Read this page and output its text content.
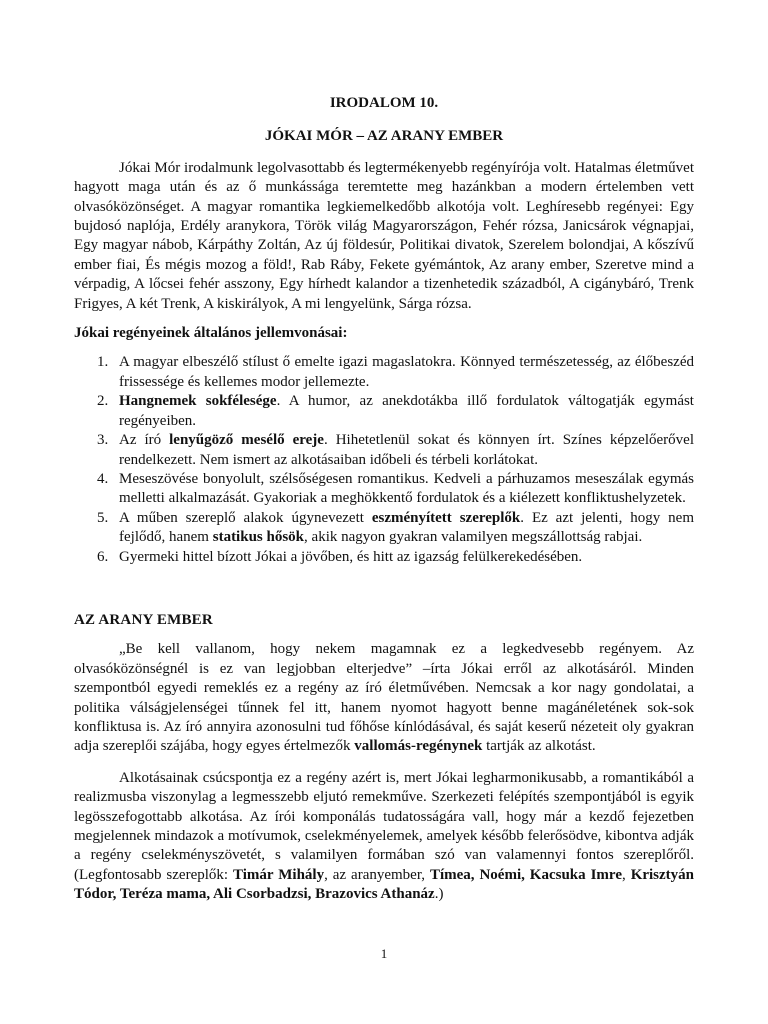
IRODALOM 10.
JÓKAI MÓR – AZ ARANY EMBER

Jókai Mór irodalmunk legolvasottabb és legtermékenyebb regényírója volt. Hatalmas életművet hagyott maga után és az ő munkássága teremtette meg hazánkban a modern értelemben vett olvasóközönséget. A magyar romantika legkiemelkedőbb alkotója volt. Leghíresebb regényei: Egy bujdosó naplója, Erdély aranykora, Török világ Magyarországon, Fehér rózsa, Janicsárok végnapjai, Egy magyar nábob, Kárpáthy Zoltán, Az új földesúr, Politikai divatok, Szerelem bolondjai, A kőszívű ember fiai, És mégis mozog a föld!, Rab Ráby, Fekete gyémántok, Az arany ember, Szeretve mind a vérpadig, A lőcsei fehér asszony, Egy hírhedt kalandor a tizenhetedik századból, A cigánybáró, Trenk Frigyes, A két Trenk, A kiskirályok, A mi lengyelünk, Sárga rózsa.

Jókai regényeinek általános jellemvonásai:
1. A magyar elbeszélő stílust ő emelte igazi magaslatokra. Könnyed természetesség, az élőbeszéd frissessége és kellemes modor jellemezte.
2. Hangnemek sokfélesége. A humor, az anekdotákba illő fordulatok váltogatják egymást regényeiben.
3. Az író lenyűgöző mesélő ereje. Hihetetlenül sokat és könnyen írt. Színes képzelőerővel rendelkezett. Nem ismert az alkotásaiban időbeli és térbeli korlátokat.
4. Meseszövése bonyolult, szélsőségesen romantikus. Kedveli a párhuzamos meseszálak egymás melletti alkalmazását. Gyakoriak a meghökkentő fordulatok és a kiélezett konfliktushelyzetek.
5. A műben szereplő alakok úgynevezett eszményített szereplők. Ez azt jelenti, hogy nem fejlődő, hanem statikus hősök, akik nagyon gyakran valamilyen megszállottság rabjai.
6. Gyermeki hittel bízott Jókai a jövőben, és hitt az igazság felülkerekedésében.
AZ ARANY EMBER

„Be kell vallanom, hogy nekem magamnak ez a legkedvesebb regényem. Az olvasóközönségnél is ez van legjobban elterjedve” –írta Jókai erről az alkotásáról. Minden szempontból egyedi remeklés ez a regény az író életművében. Nemcsak a kor nagy gondolatai, a politika válságjelenségei tűnnek fel itt, hanem nyomot hagyott benne magánéletének sok-sok konfliktusa is. Az író annyira azonosulni tud főhőse kínlódásával, és saját keserű nézeteit oly gyakran adja szereplői szájába, hogy egyes értelmezők vallomás-regénynek tartják az alkotást.

Alkotásainak csúcspontja ez a regény azért is, mert Jókai legharmonikusabb, a romantikából a realizmusba viszonylag a legmesszebb eljutó remekműve. Szerkezeti felépítés szempontjából is egyik legösszefogottabb alkotása. Az írói komponálás tudatosságára vall, hogy már a kezdő fejezetben megjelennek mindazok a motívumok, cselekményelemek, amelyek később felerősödve, kibontva adják a regény cselekményszövetét, s valamilyen formában szó van valamennyi fontos szereplőről. (Legfontosabb szereplők: Timár Mihály, az aranyember, Tímea, Noémi, Kacsuka Imre, Krisztyán Tódor, Teréza mama, Ali Csorbadzsi, Brazovics Athanáz.)

1
